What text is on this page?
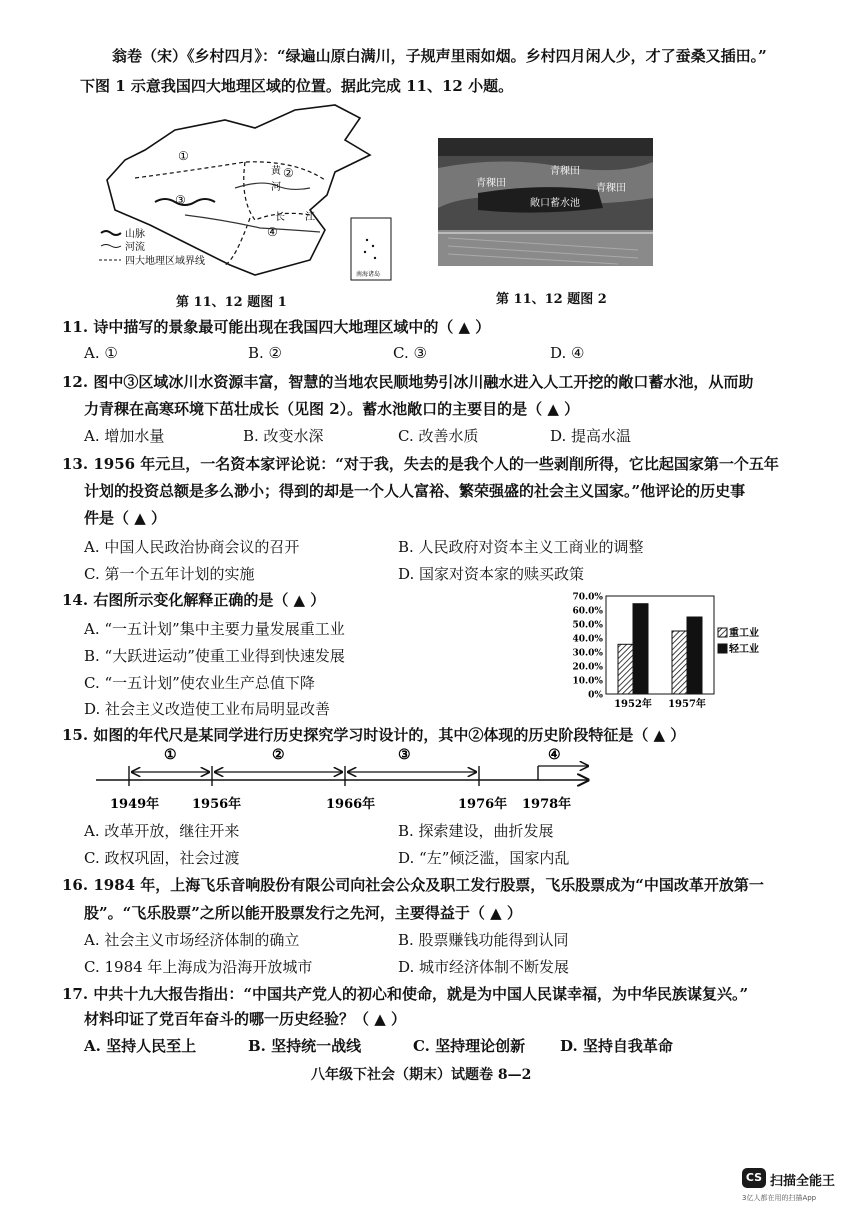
翁卷（宋）《乡村四月》：“绿遍山原白满川，子规声里雨如烟。乡村四月闲人少，才了蚕桑又插田。”
下图 1 示意我国四大地理区域的位置。据此完成 11、12 小题。
①
②
③
④
黄
河
长 江
山脉
河流
四大地理区域界线
南海诸岛
第 11、12 题图 1
青稞田
青稞田
青稞田
敞口蓄水池
第 11、12 题图 2
11. 诗中描写的景象最可能出现在我国四大地理区域中的（ ▲ ）
A. ①	B. ②	C. ③	D. ④
12. 图中③区域冰川水资源丰富，智慧的当地农民顺地势引冰川融水进入人工开挖的敞口蓄水池，从而助
力青稞在高寒环境下茁壮成长（见图 2）。蓄水池敞口的主要目的是（ ▲ ）
A. 增加水量	B. 改变水深	C. 改善水质	D. 提高水温
13. 1956 年元旦，一名资本家评论说：“对于我，失去的是我个人的一些剥削所得，它比起国家第一个五年
计划的投资总额是多么渺小；得到的却是一个人人富裕、繁荣强盛的社会主义国家。”他评论的历史事
件是（ ▲ ）
A. 中国人民政治协商会议的召开	B. 人民政府对资本主义工商业的调整
C. 第一个五年计划的实施	D. 国家对资本家的赎买政策
14. 右图所示变化解释正确的是（ ▲ ）
A. “一五计划”集中主要力量发展重工业
B. “大跃进运动”使重工业得到快速发展
C. “一五计划”使农业生产总值下降
D. 社会主义改造使工业布局明显改善
70.0%
60.0%
50.0%
40.0%
30.0%
20.0%
10.0%
0%
1952年 1957年
重工业
轻工业
15. 如图的年代尺是某同学进行历史探究学习时设计的，其中②体现的历史阶段特征是（ ▲ ）
①	②	③	④
1949年	1956年	1966年	1976年 1978年
A. 改革开放，继往开来	B. 探索建设，曲折发展
C. 政权巩固，社会过渡	D. “左”倾泛滥，国家内乱
16. 1984 年，上海飞乐音响股份有限公司向社会公众及职工发行股票，飞乐股票成为“中国改革开放第一
股”。“飞乐股票”之所以能开股票发行之先河，主要得益于（ ▲ ）
A. 社会主义市场经济体制的确立	B. 股票赚钱功能得到认同
C. 1984 年上海成为沿海开放城市	D. 城市经济体制不断发展
17. 中共十九大报告指出：“中国共产党人的初心和使命，就是为中国人民谋幸福，为中华民族谋复兴。”
材料印证了党百年奋斗的哪一历史经验？（ ▲ ）
A. 坚持人民至上	B. 坚持统一战线	C. 坚持理论创新 D. 坚持自我革命
八年级下社会（期末）试题卷 8—2
CS 扫描全能王
3亿人都在用的扫描App
